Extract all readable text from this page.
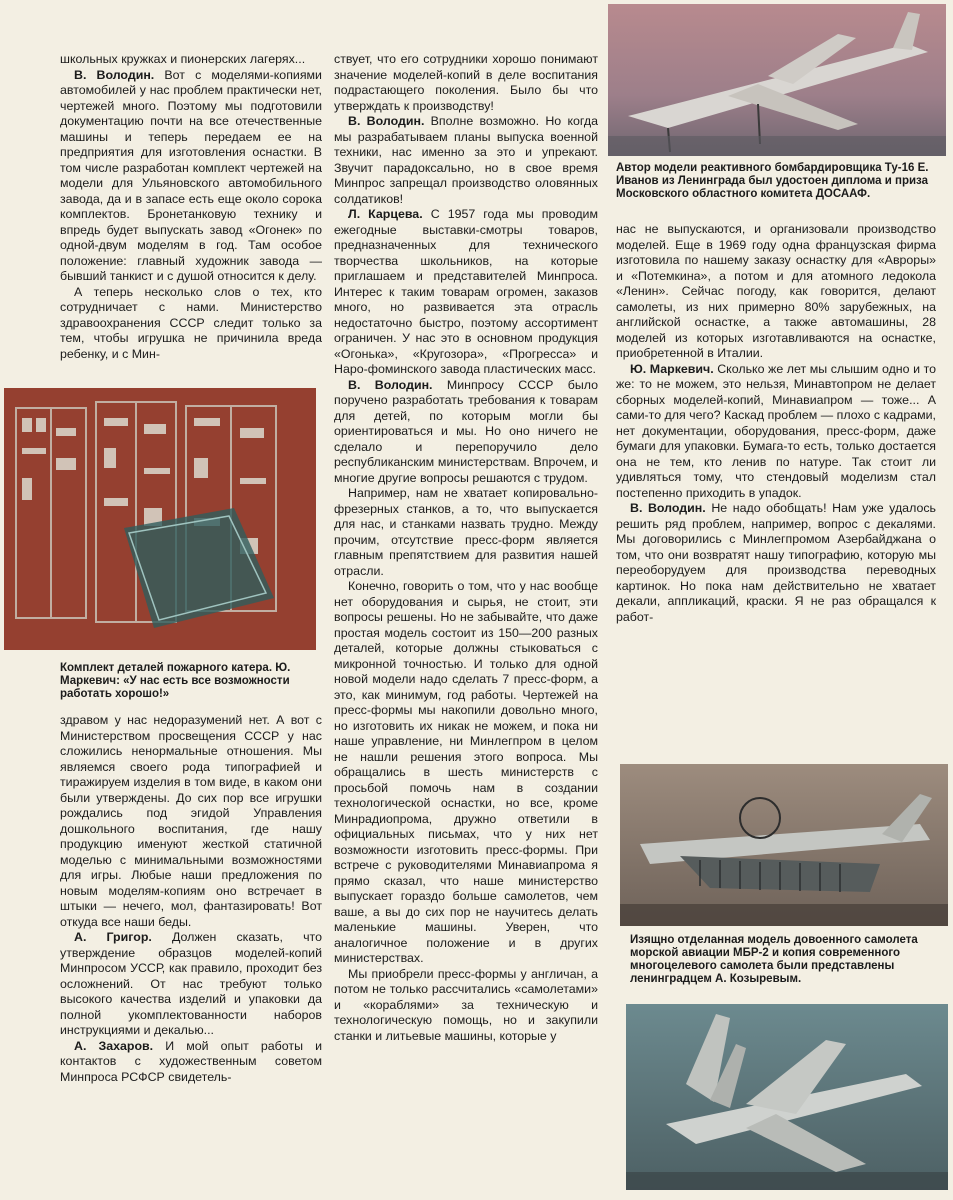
школьных кружках и пионерских лагерях...

В. Володин. Вот с моделями-копиями автомобилей у нас проблем практически нет, чертежей много. Поэтому мы подготовили документацию почти на все отечественные машины и теперь передаем ее на предприятия для изготовления оснастки. В том числе разработан комплект чертежей на модели для Ульяновского автомобильного завода, да и в запасе есть еще около сорока комплектов. Бронетанковую технику и впредь будет выпускать завод «Огонек» по одной-двум моделям в год. Там особое положение: главный художник завода — бывший танкист и с душой относится к делу.

А теперь несколько слов о тех, кто сотрудничает с нами. Министерство здравоохранения СССР следит только за тем, чтобы игрушка не причинила вреда ребенку, и с Мин-

Комплект деталей пожарного катера. Ю. Маркевич: «У нас есть все возможности работать хорошо!»

здравом у нас недоразумений нет. А вот с Министерством просвещения СССР у нас сложились ненормальные отношения. Мы являемся своего рода типографией и тиражируем изделия в том виде, в каком они были утверждены. До сих пор все игрушки рождались под эгидой Управления дошкольного воспитания, где нашу продукцию именуют жесткой статичной моделью с минимальными возможностями для игры. Любые наши предложения по новым моделям-копиям оно встречает в штыки — нечего, мол, фантазировать! Вот откуда все наши беды.

А. Григор. Должен сказать, что утверждение образцов моделей-копий Минпросом УССР, как правило, проходит без осложнений. От нас требуют только высокого качества изделий и упаковки да полной укомплектованности наборов инструкциями и декалью...

А. Захаров. И мой опыт работы и контактов с художественным советом Минпроса РСФСР свидетель-

ствует, что его сотрудники хорошо понимают значение моделей-копий в деле воспитания подрастающего поколения. Было бы что утверждать к производству!

В. Володин. Вполне возможно. Но когда мы разрабатываем планы выпуска военной техники, нас именно за это и упрекают. Звучит парадоксально, но в свое время Минпрос запрещал производство оловянных солдатиков!

Л. Карцева. С 1957 года мы проводим ежегодные выставки-смотры товаров, предназначенных для технического творчества школьников, на которые приглашаем и представителей Минпроса. Интерес к таким товарам огромен, заказов много, но развивается эта отрасль недостаточно быстро, поэтому ассортимент ограничен. У нас это в основном продукция «Огонька», «Кругозора», «Прогресса» и Наро-фоминского завода пластических масс.

В. Володин. Минпросу СССР было поручено разработать требования к товарам для детей, по которым могли бы ориентироваться и мы. Но оно ничего не сделало и перепоручило дело республиканским министерствам. Впрочем, и многие другие вопросы решаются с трудом.

Например, нам не хватает копировально-фрезерных станков, а то, что выпускается для нас, и станками назвать трудно. Между прочим, отсутствие пресс-форм является главным препятствием для развития нашей отрасли.

Конечно, говорить о том, что у нас вообще нет оборудования и сырья, не стоит, эти вопросы решены. Но не забывайте, что даже простая модель состоит из 150—200 разных деталей, которые должны стыковаться с микронной точностью. И только для одной новой модели надо сделать 7 пресс-форм, а это, как минимум, год работы. Чертежей на пресс-формы мы накопили довольно много, но изготовить их никак не можем, и пока ни наше управление, ни Минлегпром в целом не нашли решения этого вопроса. Мы обращались в шесть министерств с просьбой помочь нам в создании технологической оснастки, но все, кроме Минрадиопрома, дружно ответили в официальных письмах, что у них нет возможности изготовить пресс-формы. При встрече с руководителями Минавиапрома я прямо сказал, что наше министерство выпускает гораздо больше самолетов, чем ваше, а вы до сих пор не научитесь делать маленькие машины. Уверен, что аналогичное положение и в других министерствах.

Мы приобрели пресс-формы у англичан, а потом не только рассчитались «самолетами» и «кораблями» за техническую и технологическую помощь, но и закупили станки и литьевые машины, которые у

Автор модели реактивного бомбардировщика Ту-16 Е. Иванов из Ленинграда был удостоен диплома и приза Московского областного комитета ДОСААФ.

нас не выпускаются, и организовали производство моделей. Еще в 1969 году одна французская фирма изготовила по нашему заказу оснастку для «Авроры» и «Потемкина», а потом и для атомного ледокола «Ленин». Сейчас погоду, как говорится, делают самолеты, из них примерно 80% зарубежных, на английской оснастке, а также автомашины, 28 моделей из которых изготавливаются на оснастке, приобретенной в Италии.

Ю. Маркевич. Сколько же лет мы слышим одно и то же: то не можем, это нельзя, Минавтопром не делает сборных моделей-копий, Минавиапром — тоже... А сами-то для чего? Каскад проблем — плохо с кадрами, нет документации, оборудования, пресс-форм, даже бумаги для упаковки. Бумага-то есть, только достается она не тем, кто ленив по натуре. Так стоит ли удивляться тому, что стендовый моделизм стал постепенно приходить в упадок.

В. Володин. Не надо обобщать! Нам уже удалось решить ряд проблем, например, вопрос с декалями. Мы договорились с Минлегпромом Азербайджана о том, что они возвратят нашу типографию, которую мы переоборудуем для производства переводных картинок. Но пока нам действительно не хватает декали, аппликаций, краски. Я не раз обращался к работ-

Изящно отделанная модель довоенного самолета морской авиации МБР-2 и копия современного многоцелевого самолета были представлены ленинградцем А. Козыревым.
